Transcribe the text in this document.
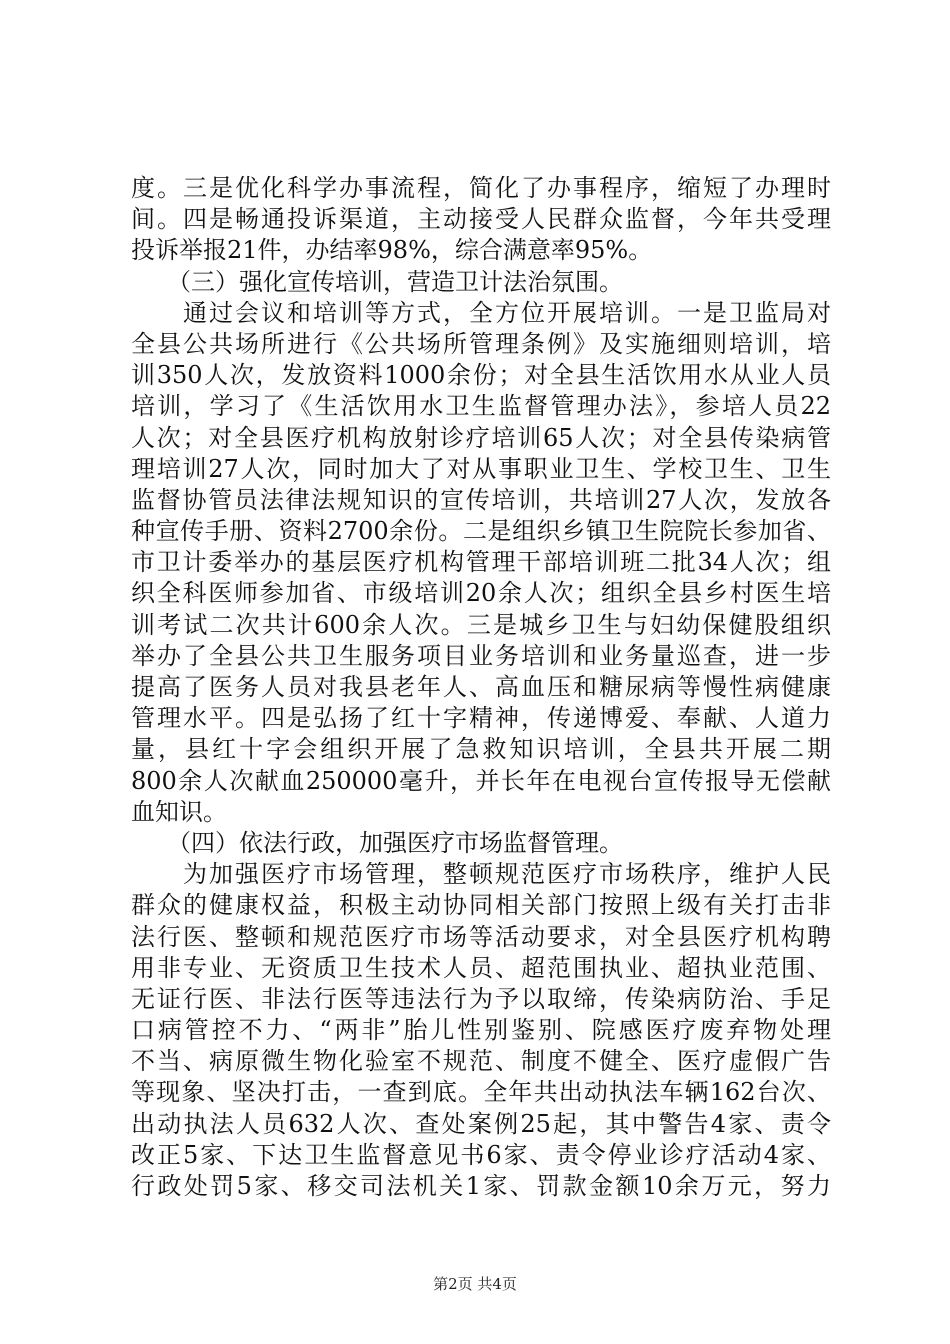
度。三是优化科学办事流程，简化了办事程序，缩短了办理时
间。四是畅通投诉渠道，主动接受人民群众监督，今年共受理
投诉举报21件，办结率98%，综合满意率95%。
　　（三）强化宣传培训，营造卫计法治氛围。
　　通过会议和培训等方式，全方位开展培训。一是卫监局对
全县公共场所进行《公共场所管理条例》及实施细则培训，培
训350人次，发放资料1000余份；对全县生活饮用水从业人员
培训，学习了《生活饮用水卫生监督管理办法》，参培人员22
人次；对全县医疗机构放射诊疗培训65人次；对全县传染病管
理培训27人次，同时加大了对从事职业卫生、学校卫生、卫生
监督协管员法律法规知识的宣传培训，共培训27人次，发放各
种宣传手册、资料2700余份。二是组织乡镇卫生院院长参加省、
市卫计委举办的基层医疗机构管理干部培训班二批34人次；组
织全科医师参加省、市级培训20余人次；组织全县乡村医生培
训考试二次共计600余人次。三是城乡卫生与妇幼保健股组织
举办了全县公共卫生服务项目业务培训和业务量巡查，进一步
提高了医务人员对我县老年人、高血压和糖尿病等慢性病健康
管理水平。四是弘扬了红十字精神，传递博爱、奉献、人道力
量，县红十字会组织开展了急救知识培训，全县共开展二期
800余人次献血250000毫升，并长年在电视台宣传报导无偿献
血知识。
　　（四）依法行政，加强医疗市场监督管理。
　　为加强医疗市场管理，整顿规范医疗市场秩序，维护人民
群众的健康权益，积极主动协同相关部门按照上级有关打击非
法行医、整顿和规范医疗市场等活动要求，对全县医疗机构聘
用非专业、无资质卫生技术人员、超范围执业、超执业范围、
无证行医、非法行医等违法行为予以取缔，传染病防治、手足
口病管控不力、“两非”胎儿性别鉴别、院感医疗废弃物处理
不当、病原微生物化验室不规范、制度不健全、医疗虚假广告
等现象、坚决打击，一查到底。全年共出动执法车辆162台次、
出动执法人员632人次、查处案例25起，其中警告4家、责令
改正5家、下达卫生监督意见书6家、责令停业诊疗活动4家、
行政处罚5家、移交司法机关1家、罚款金额10余万元，努力
第2页 共4页
